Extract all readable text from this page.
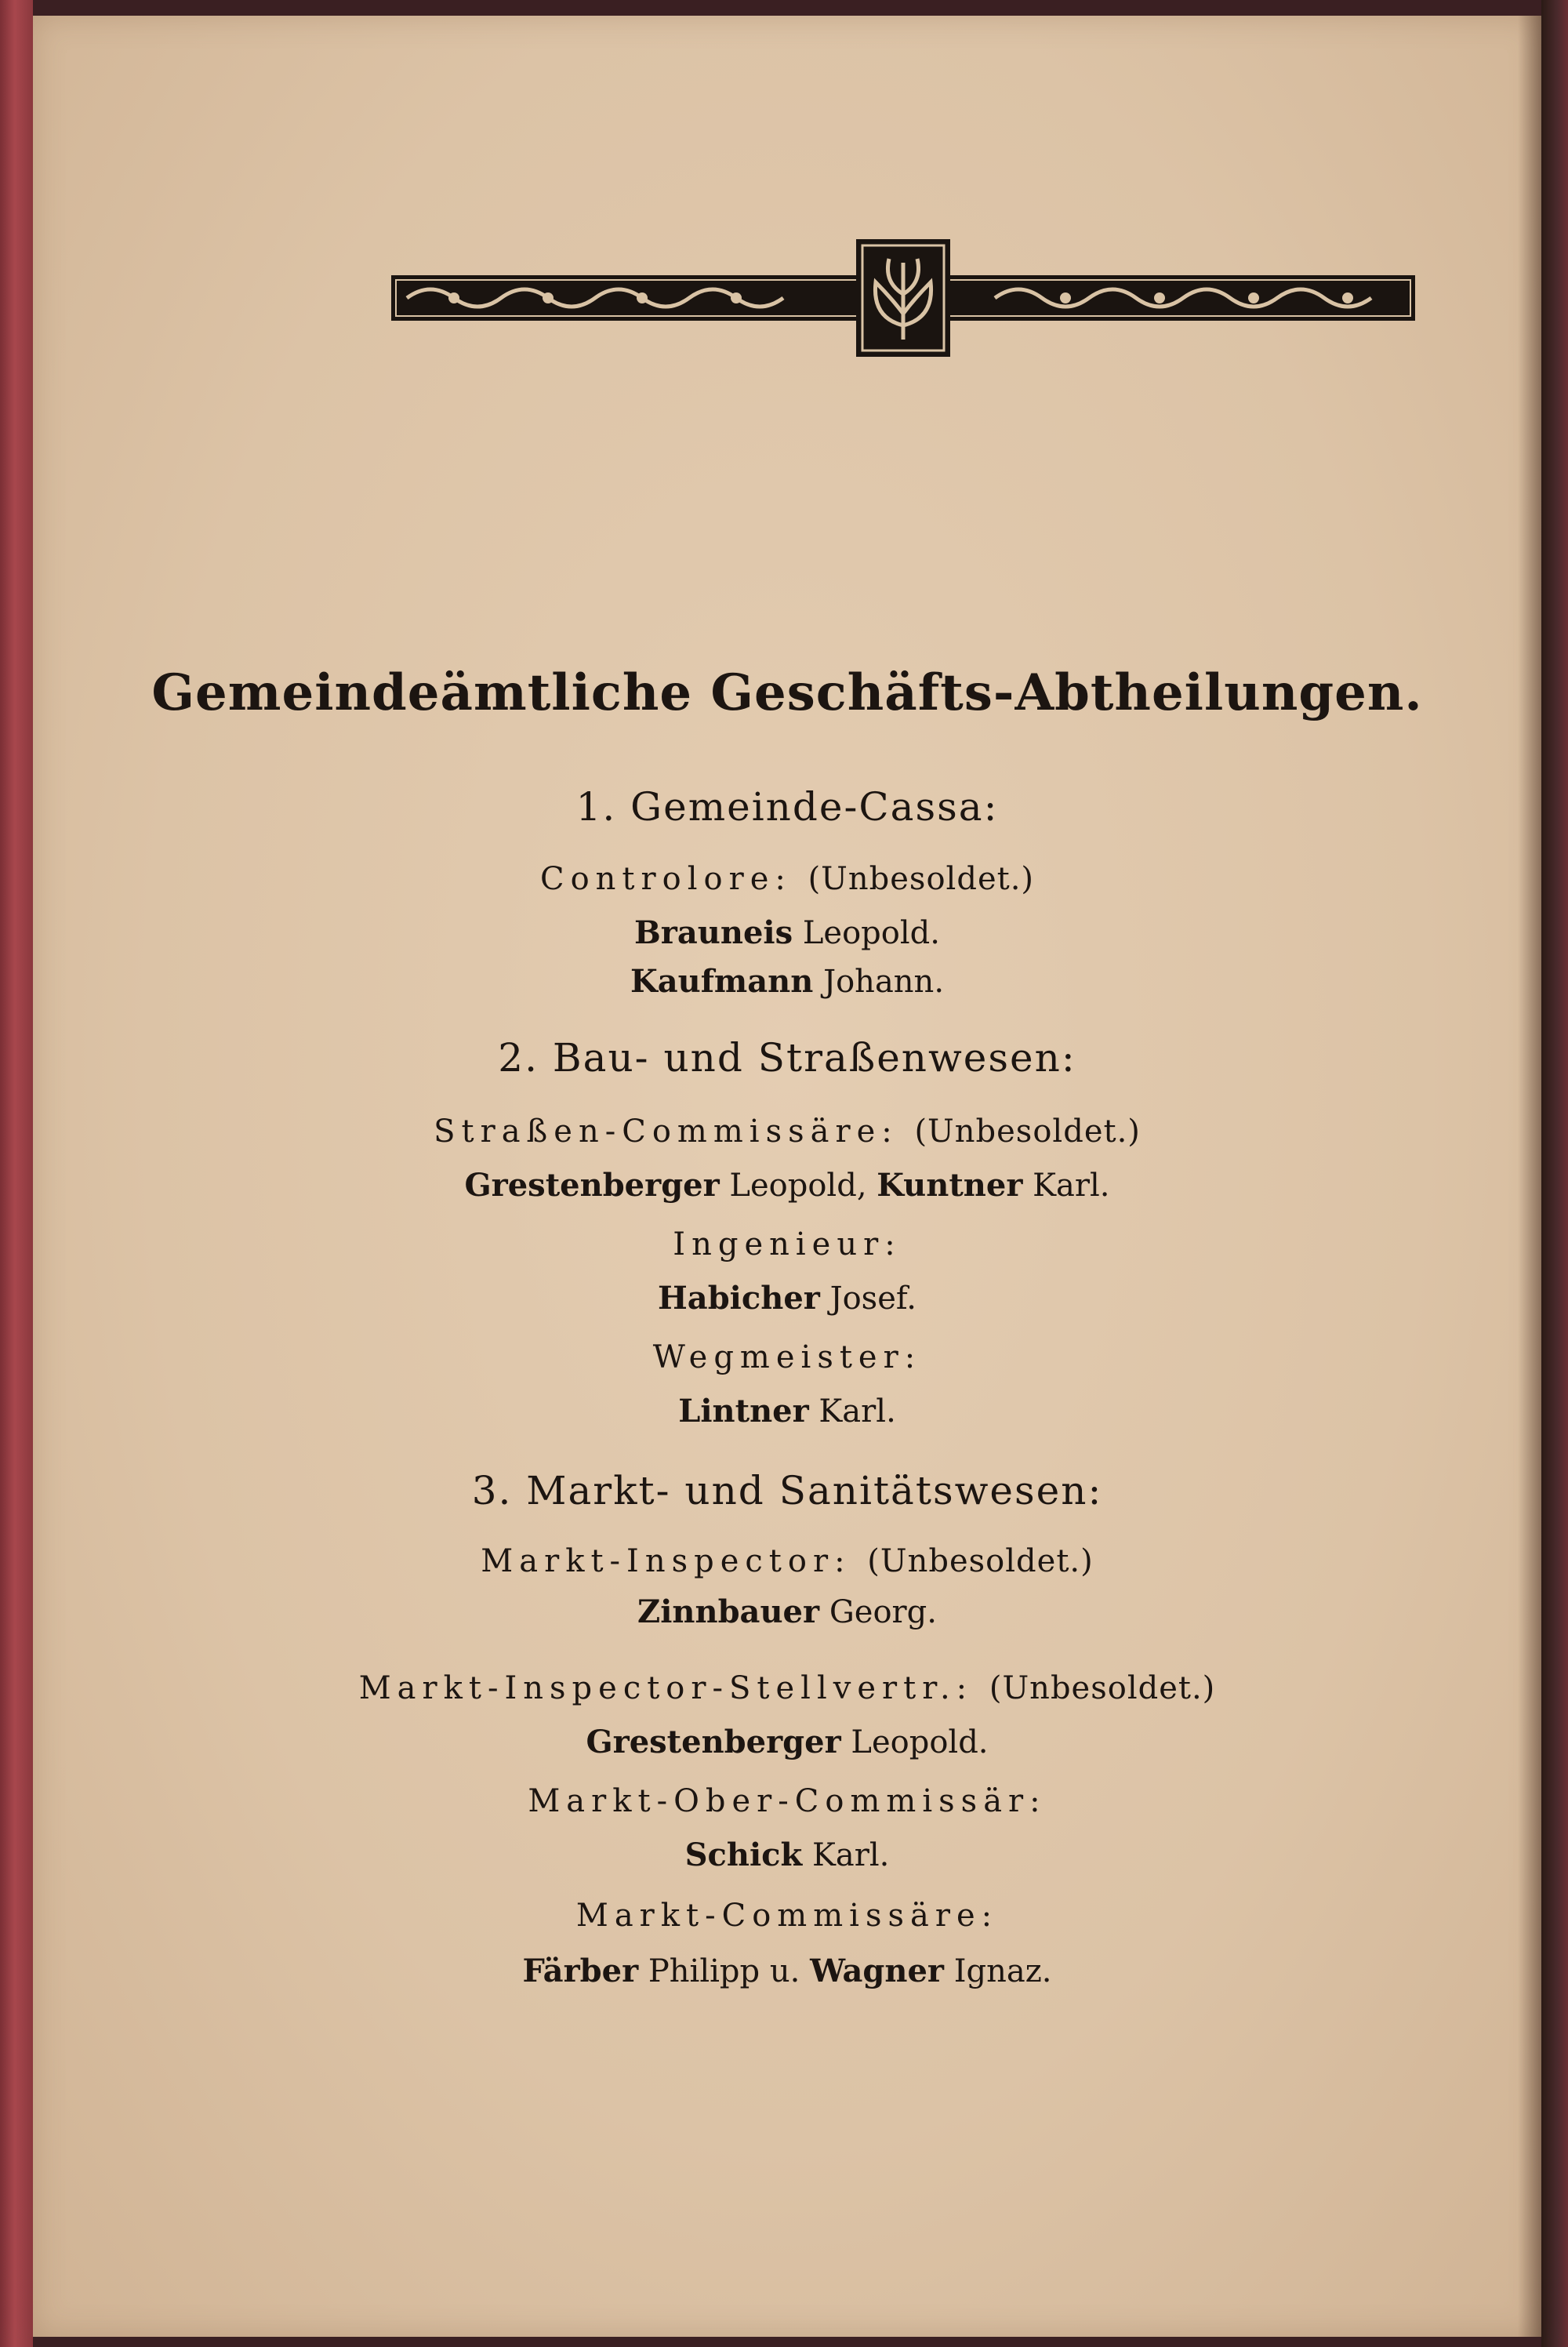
Gemeindeämtliche Geschäfts-Abtheilungen.
1. Gemeinde-Cassa:
Controlore: (Unbesoldet.)
Brauneis Leopold.
Kaufmann Johann.
2. Bau- und Straßenwesen:
Straßen-Commissäre: (Unbesoldet.)
Grestenberger Leopold, Kuntner Karl.
Ingenieur:
Habicher Josef.
Wegmeister:
Lintner Karl.
3. Markt- und Sanitätswesen:
Markt-Inspector: (Unbesoldet.)
Zinnbauer Georg.
Markt-Inspector-Stellvertr.: (Unbesoldet.)
Grestenberger Leopold.
Markt-Ober-Commissär:
Schick Karl.
Markt-Commissäre:
Färber Philipp u. Wagner Ignaz.
